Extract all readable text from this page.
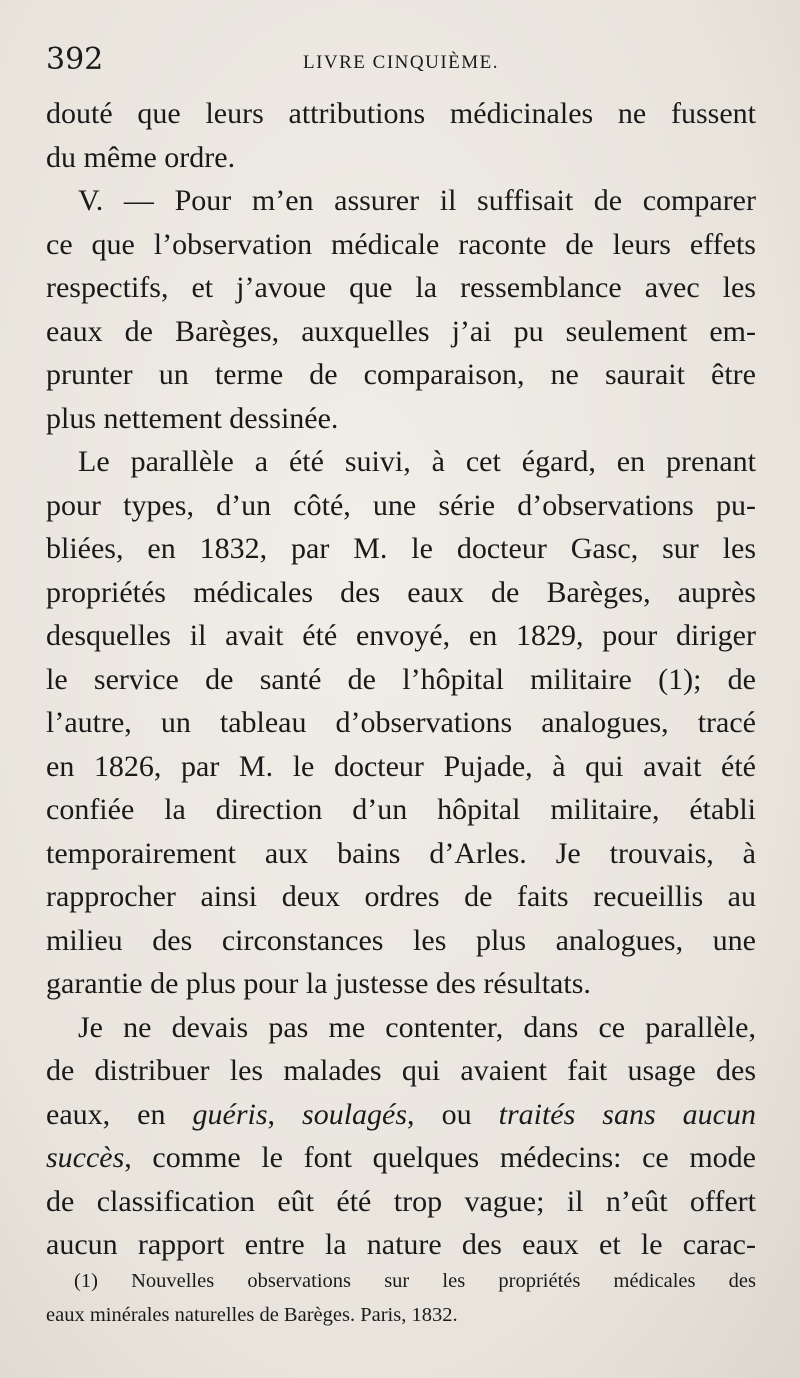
392	LIVRE CINQUIÈME.
douté que leurs attributions médicinales ne fussent
du même ordre.
V. — Pour m’en assurer il suffisait de comparer
ce que l’observation médicale raconte de leurs effets
respectifs, et j’avoue que la ressemblance avec les
eaux de Barèges, auxquelles j’ai pu seulement em-
prunter un terme de comparaison, ne saurait être
plus nettement dessinée.
Le parallèle a été suivi, à cet égard, en prenant
pour types, d’un côté, une série d’observations pu-
bliées, en 1832, par M. le docteur Gasc, sur les
propriétés médicales des eaux de Barèges, auprès
desquelles il avait été envoyé, en 1829, pour diriger
le service de santé de l’hôpital militaire (1); de
l’autre, un tableau d’observations analogues, tracé
en 1826, par M. le docteur Pujade, à qui avait été
confiée la direction d’un hôpital militaire, établi
temporairement aux bains d’Arles. Je trouvais, à
rapprocher ainsi deux ordres de faits recueillis au
milieu des circonstances les plus analogues, une
garantie de plus pour la justesse des résultats.
Je ne devais pas me contenter, dans ce parallèle,
de distribuer les malades qui avaient fait usage des
eaux, en guéris, soulagés, ou traités sans aucun
succès, comme le font quelques médecins: ce mode
de classification eût été trop vague; il n’eût offert
aucun rapport entre la nature des eaux et le carac-
(1) Nouvelles observations sur les propriétés médicales des
eaux minérales naturelles de Barèges. Paris, 1832.
